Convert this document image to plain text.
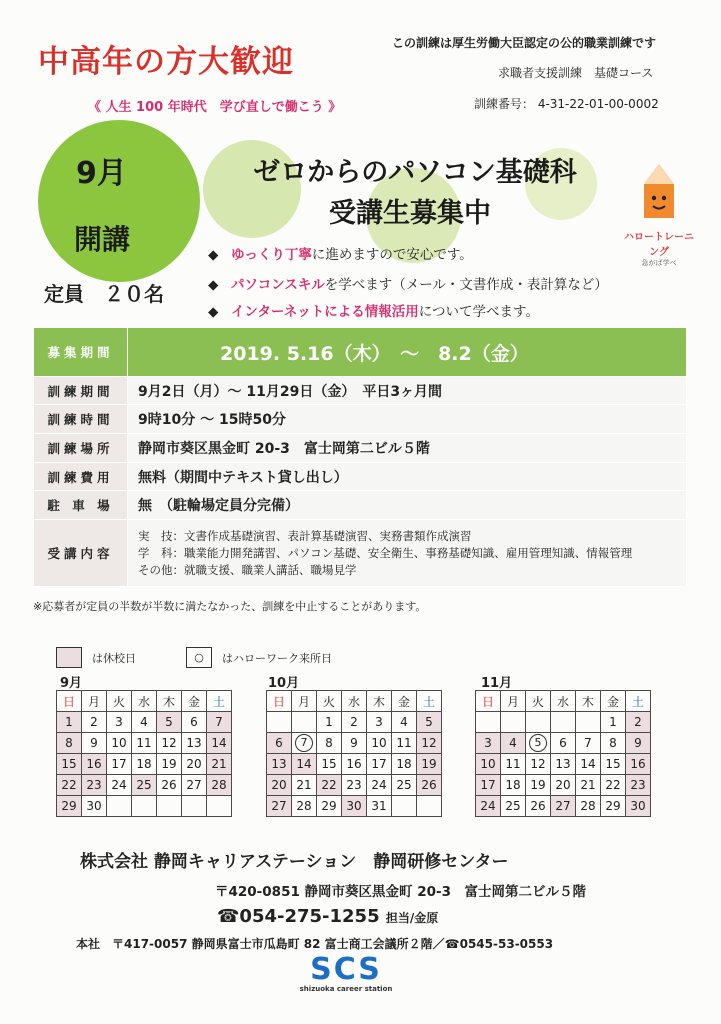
中高年の方大歓迎
《 人生 100 年時代　学び直しで働こう 》
この訓練は厚生労働大臣認定の公的職業訓練です
求職者支援訓練　基礎コース
訓練番号： 4-31-22-01-00-0002
9月
開講
定員　２０名
ゼロからのパソコン基礎科
受講生募集中
ハロートレーニング
急がば学べ
◆ ゆっくり丁寧に進めますので安心です。
◆ パソコンスキルを学べます（メール・文書作成・表計算など）
◆ インターネットによる情報活用について学べます。
募集期間	2019. 5.16（木）　～　8.2（金）
訓練期間	9月2日（月）～ 11月29日（金）　平日3ヶ月間
訓練時間	9時10分 ～ 15時50分
訓練場所	静岡市葵区黒金町 20-3　富士岡第二ビル５階
訓練費用	無料（期間中テキスト貸し出し）
駐 車 場	無　（駐輪場定員分完備）
受講内容	実　技：文書作成基礎演習、表計算基礎演習、実務書類作成演習
学　科：職業能力開発講習、パソコン基礎、安全衛生、事務基礎知識、雇用管理知識、情報管理
その他：就職支援、職業人講話、職場見学
※応募者が定員の半数が半数に満たなかった、訓練を中止することがあります。
は休校日	○	はハローワーク来所日
9月	10月	11月
日	月	火	水	木	金	土
1	2	3	4	5	6	7
8	9	10	11	12	13	14
15	16	17	18	19	20	21
22	23	24	25	26	27	28
29	30					
日	月	火	水	木	金	土
		1	2	3	4	5
6	7	8	9	10	11	12
13	14	15	16	17	18	19
20	21	22	23	24	25	26
27	28	29	30	31		
日	月	火	水	木	金	土
					1	2
3	4	5	6	7	8	9
10	11	12	13	14	15	16
17	18	19	20	21	22	23
24	25	26	27	28	29	30
株式会社 静岡キャリアステーション　静岡研修センター
〒420-0851 静岡市葵区黒金町 20-3　富士岡第二ビル５階
☎054-275-1255 担当/金原
本社　〒417-0057 静岡県富士市瓜島町 82 富士商工会議所２階／☎0545-53-0553
SCS
shizuoka career station
